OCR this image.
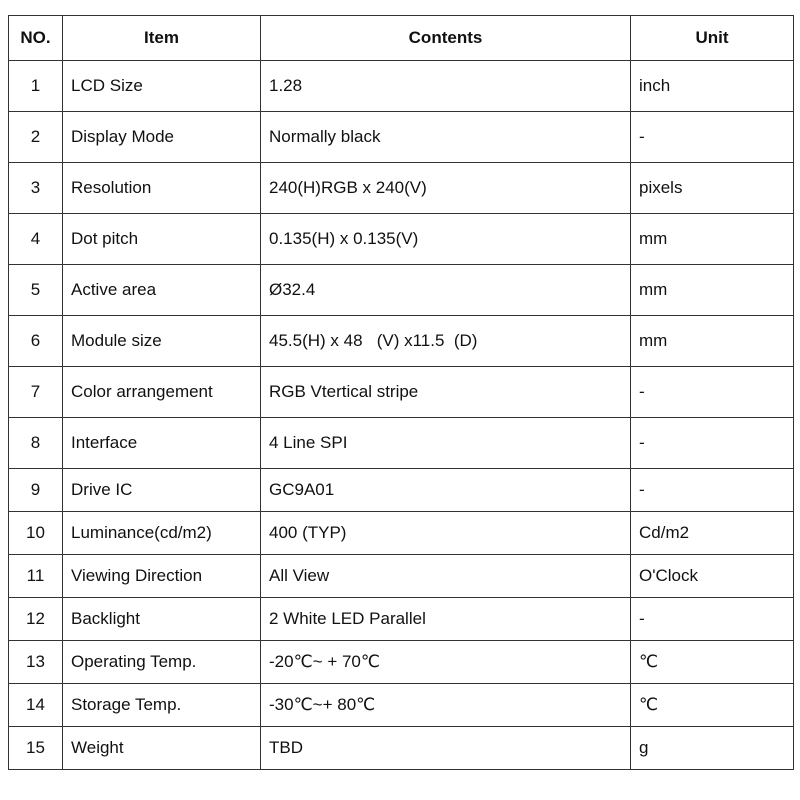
NO.	Item	Contents	Unit
1	LCD Size	1.28	inch
2	Display Mode	Normally black	-
3	Resolution	240(H)RGB x 240(V)	pixels
4	Dot pitch	0.135(H) x 0.135(V)	mm
5	Active area	Ø32.4	mm
6	Module size	45.5(H) x 48   (V) x11.5  (D)	mm
7	Color arrangement	RGB Vtertical stripe	-
8	Interface	4 Line SPI	-
9	Drive IC	GC9A01	-
10	Luminance(cd/m2)	400 (TYP)	Cd/m2
11	Viewing Direction	All View	O'Clock
12	Backlight	2 White LED Parallel	-
13	Operating Temp.	-20℃~ + 70℃	℃
14	Storage Temp.	-30℃~+ 80℃	℃
15	Weight	TBD	g
